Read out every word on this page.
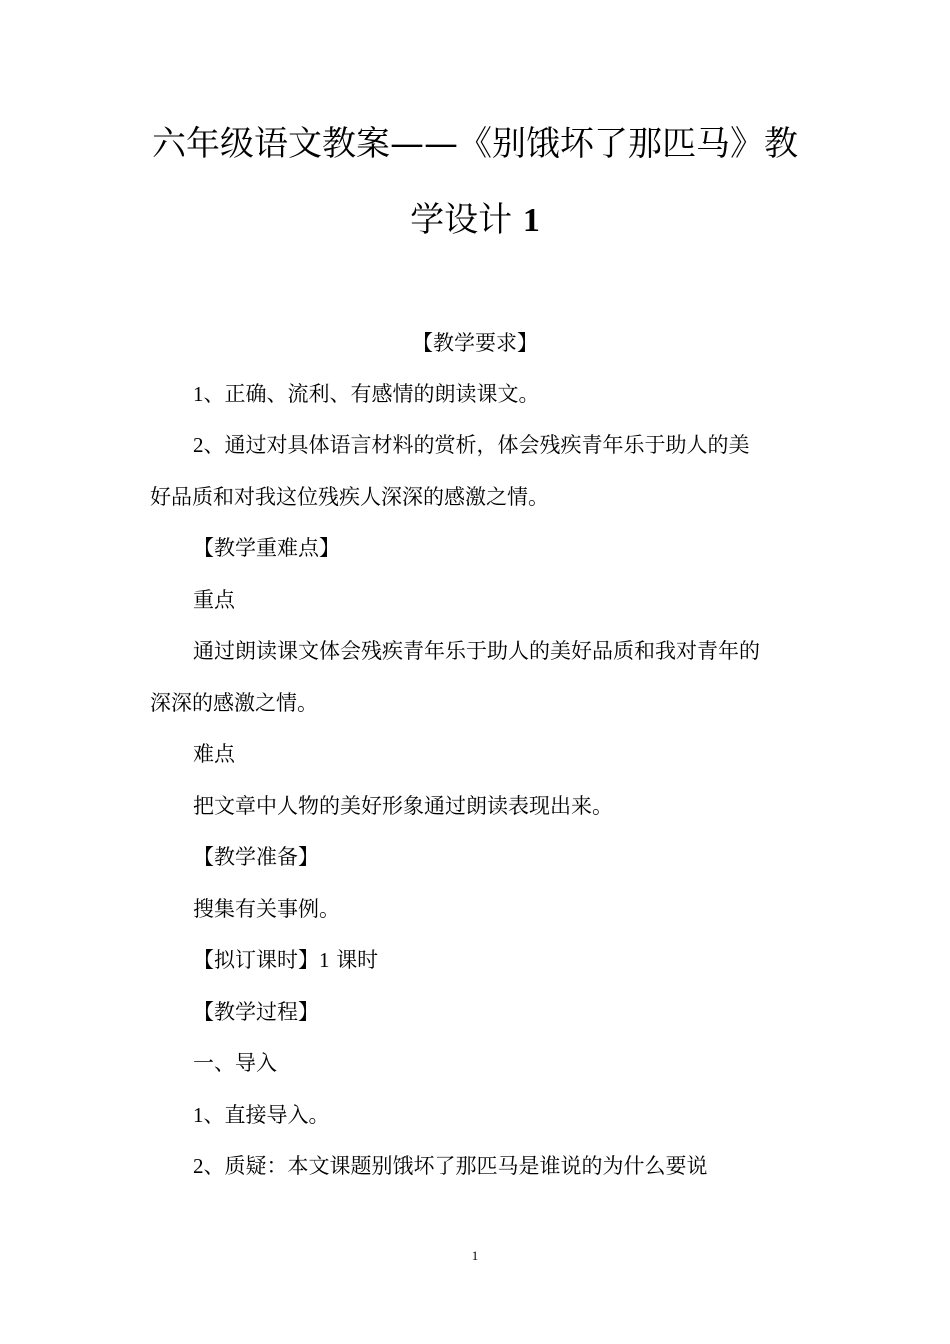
六年级语文教案——《别饿坏了那匹马》教
学设计 1

【教学要求】

1、正确、流利、有感情的朗读课文。

2、通过对具体语言材料的赏析，体会残疾青年乐于助人的美

好品质和对我这位残疾人深深的感激之情。

【教学重难点】

重点

通过朗读课文体会残疾青年乐于助人的美好品质和我对青年的

深深的感激之情。

难点

把文章中人物的美好形象通过朗读表现出来。

【教学准备】

搜集有关事例。

【拟订课时】1 课时

【教学过程】

一、导入

1、直接导入。

2、质疑：本文课题别饿坏了那匹马是谁说的为什么要说

1
